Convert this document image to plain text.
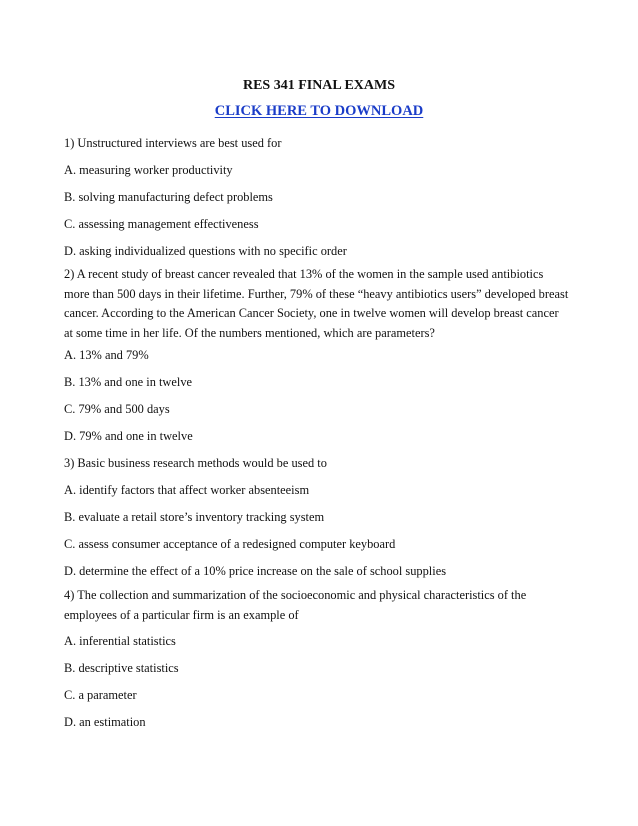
RES 341 FINAL EXAMS
CLICK HERE TO DOWNLOAD
1) Unstructured interviews are best used for
A. measuring worker productivity
B. solving manufacturing defect problems
C. assessing management effectiveness
D. asking individualized questions with no specific order
2) A recent study of breast cancer revealed that 13% of the women in the sample used antibiotics more than 500 days in their lifetime. Further, 79% of these “heavy antibiotics users” developed breast cancer. According to the American Cancer Society, one in twelve women will develop breast cancer at some time in her life. Of the numbers mentioned, which are parameters?
A. 13% and 79%
B. 13% and one in twelve
C. 79% and 500 days
D. 79% and one in twelve
3) Basic business research methods would be used to
A. identify factors that affect worker absenteeism
B. evaluate a retail store’s inventory tracking system
C. assess consumer acceptance of a redesigned computer keyboard
D. determine the effect of a 10% price increase on the sale of school supplies
4) The collection and summarization of the socioeconomic and physical characteristics of the employees of a particular firm is an example of
A. inferential statistics
B. descriptive statistics
C. a parameter
D. an estimation
